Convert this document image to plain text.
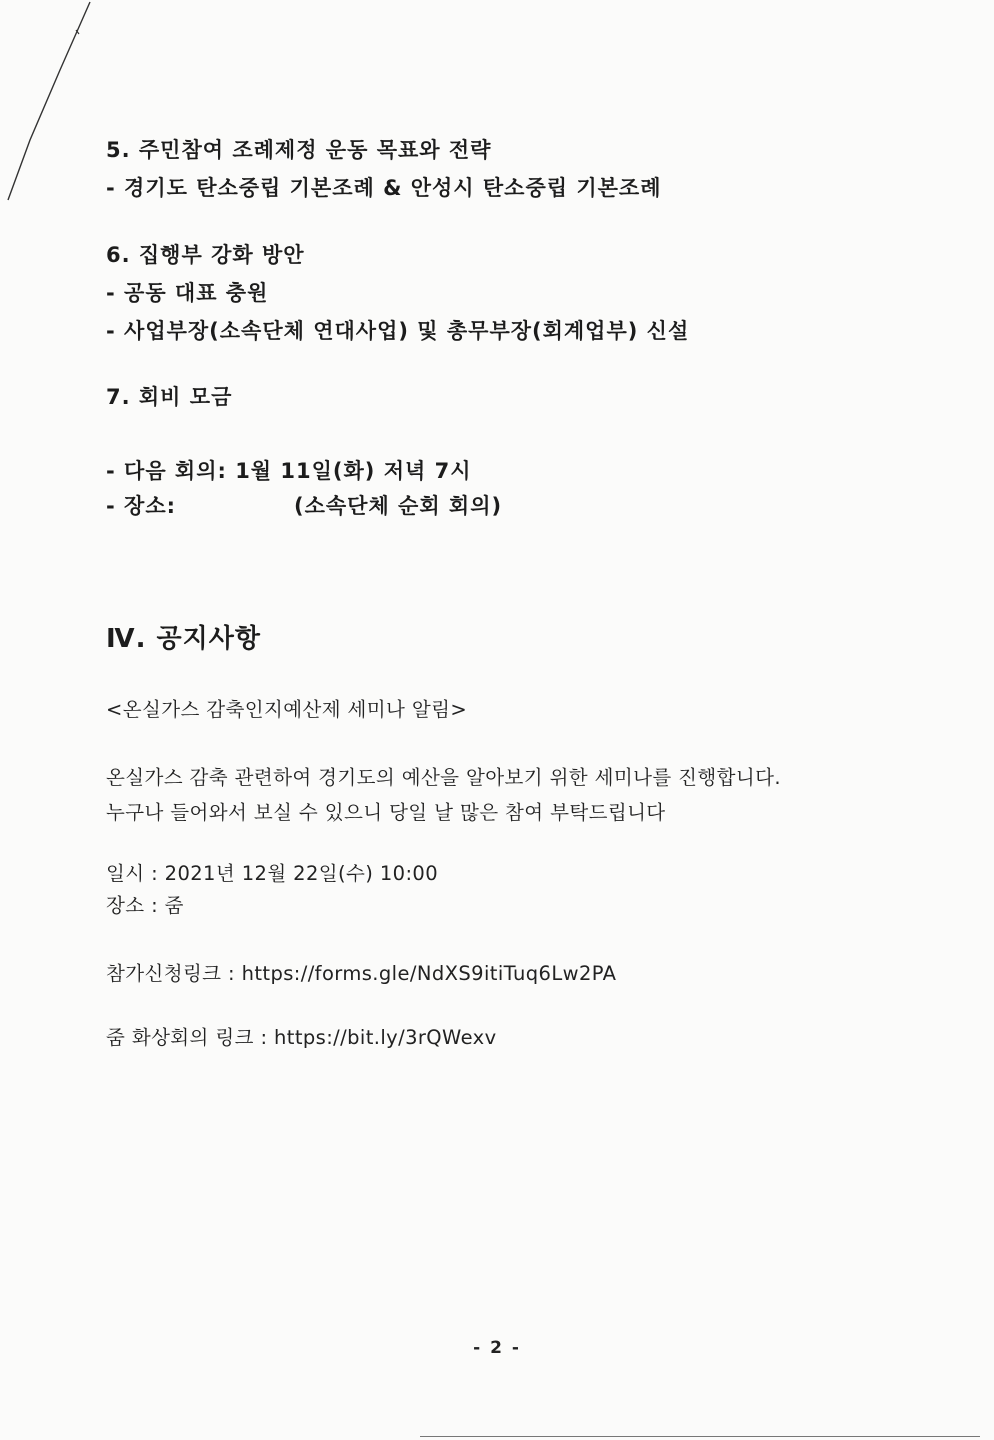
5. 주민참여 조례제정 운동 목표와 전략
- 경기도 탄소중립 기본조례 & 안성시 탄소중립 기본조례
6. 집행부 강화 방안
- 공동 대표 충원
- 사업부장(소속단체 연대사업) 및 총무부장(회계업부) 신설
7. 회비 모금
- 다음 회의: 1월 11일(화) 저녁 7시
- 장소:	(소속단체 순회 회의)
Ⅳ. 공지사항
<온실가스 감축인지예산제 세미나 알림>
온실가스 감축 관련하여 경기도의 예산을 알아보기 위한 세미나를 진행합니다.
누구나 들어와서 보실 수 있으니 당일 날 많은 참여 부탁드립니다
일시 : 2021년 12월 22일(수) 10:00
장소 : 줌
참가신청링크 : https://forms.gle/NdXS9itiTuq6Lw2PA
줌 화상회의 링크 : https://bit.ly/3rQWexv
- 2 -
